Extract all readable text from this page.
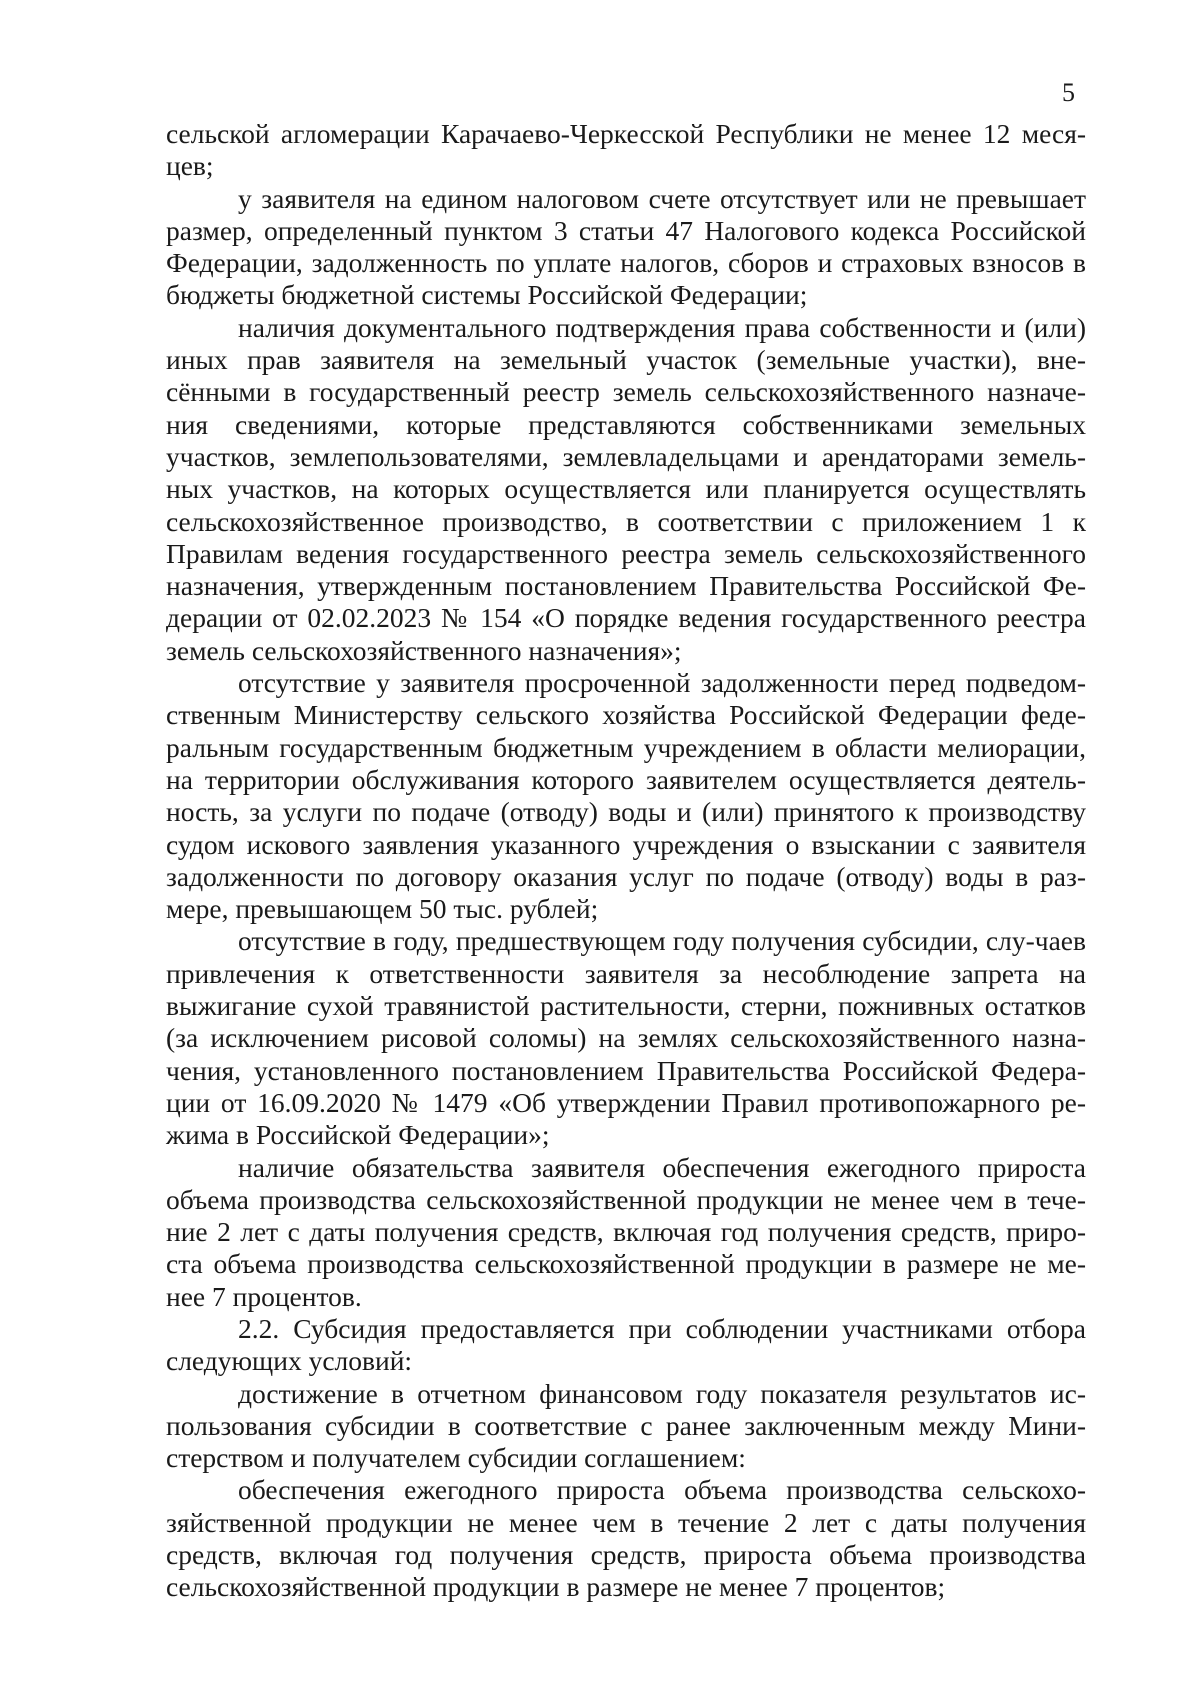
5

сельской агломерации Карачаево-Черкесской Республики не менее 12 меся-цев;

у заявителя на едином налоговом счете отсутствует или не превышает размер, определенный пунктом 3 статьи 47 Налогового кодекса Российской Федерации, задолженность по уплате налогов, сборов и страховых взносов в бюджеты бюджетной системы Российской Федерации;

наличия документального подтверждения права собственности и (или) иных прав заявителя на земельный участок (земельные участки), вне-сёнными в государственный реестр земель сельскохозяйственного назначе-ния сведениями, которые представляются собственниками земельных участков, землепользователями, землевладельцами и арендаторами земель-ных участков, на которых осуществляется или планируется осуществлять сельскохозяйственное производство, в соответствии с приложением 1 к Правилам ведения государственного реестра земель сельскохозяйственного назначения, утвержденным постановлением Правительства Российской Фе-дерации от 02.02.2023 № 154 «О порядке ведения государственного реестра земель сельскохозяйственного назначения»;

отсутствие у заявителя просроченной задолженности перед подведом-ственным Министерству сельского хозяйства Российской Федерации феде-ральным государственным бюджетным учреждением в области мелиорации, на территории обслуживания которого заявителем осуществляется деятель-ность, за услуги по подаче (отводу) воды и (или) принятого к производству судом искового заявления указанного учреждения о взыскании с заявителя задолженности по договору оказания услуг по подаче (отводу) воды в раз-мере, превышающем 50 тыс. рублей;

отсутствие в году, предшествующем году получения субсидии, слу-чаев привлечения к ответственности заявителя за несоблюдение запрета на выжигание сухой травянистой растительности, стерни, пожнивных остатков (за исключением рисовой соломы) на землях сельскохозяйственного назна-чения, установленного постановлением Правительства Российской Федера-ции от 16.09.2020 № 1479 «Об утверждении Правил противопожарного ре-жима в Российской Федерации»;

наличие обязательства заявителя обеспечения ежегодного прироста объема производства сельскохозяйственной продукции не менее чем в тече-ние 2 лет с даты получения средств, включая год получения средств, приро-ста объема производства сельскохозяйственной продукции в размере не ме-нее 7 процентов.

2.2. Субсидия предоставляется при соблюдении участниками отбора следующих условий:

достижение в отчетном финансовом году показателя результатов ис-пользования субсидии в соответствие с ранее заключенным между Мини-стерством и получателем субсидии соглашением:

обеспечения ежегодного прироста объема производства сельскохо-зяйственной продукции не менее чем в течение 2 лет с даты получения средств, включая год получения средств, прироста объема производства сельскохозяйственной продукции в размере не менее 7 процентов;
